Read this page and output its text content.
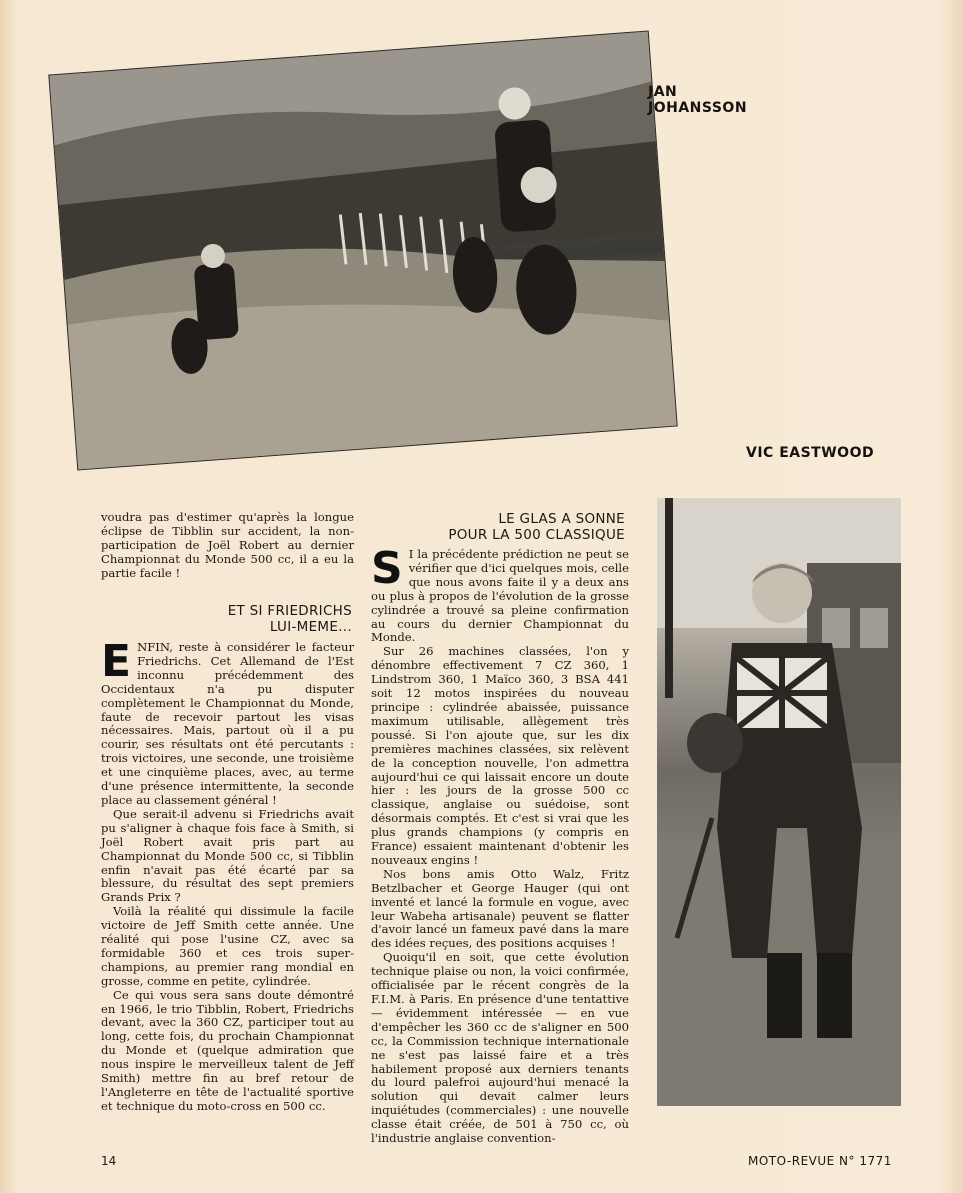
JAN
JOHANSSON
VIC EASTWOOD

voudra pas d'estimer qu'après la longue éclipse de Tibblin sur accident, la non-participation de Joël Robert au dernier Championnat du Monde 500 cc, il a eu la partie facile !

ET SI FRIEDRICHS
LUI-MEME...

ENFIN, reste à considérer le facteur Friedrichs. Cet Allemand de l'Est inconnu précédemment des Occidentaux n'a pu disputer complètement le Championnat du Monde, faute de recevoir partout les visas nécessaires. Mais, partout où il a pu courir, ses résultats ont été percutants : trois victoires, une seconde, une troisième et une cinquième places, avec, au terme d'une présence intermittente, la seconde place au classement général !

Que serait-il advenu si Friedrichs avait pu s'aligner à chaque fois face à Smith, si Joël Robert avait pris part au Championnat du Monde 500 cc, si Tibblin enfin n'avait pas été écarté par sa blessure, du résultat des sept premiers Grands Prix ?

Voilà la réalité qui dissimule la facile victoire de Jeff Smith cette année. Une réalité qui pose l'usine CZ, avec sa formidable 360 et ces trois super-champions, au premier rang mondial en grosse, comme en petite, cylindrée.

Ce qui vous sera sans doute démontré en 1966, le trio Tibblin, Robert, Friedrichs devant, avec la 360 CZ, participer tout au long, cette fois, du prochain Championnat du Monde et (quelque admiration que nous inspire le merveilleux talent de Jeff Smith) mettre fin au bref retour de l'Angleterre en tête de l'actualité sportive et technique du moto-cross en 500 cc.

LE GLAS A SONNE
POUR LA 500 CLASSIQUE

S I la précédente prédiction ne peut se vérifier que d'ici quelques mois, celle que nous avons faite il y a deux ans ou plus à propos de l'évolution de la grosse cylindrée a trouvé sa pleine confirmation au cours du dernier Championnat du Monde.

Sur 26 machines classées, l'on y dénombre effectivement 7 CZ 360, 1 Lindstrom 360, 1 Maïco 360, 3 BSA 441 soit 12 motos inspirées du nouveau principe : cylindrée abaissée, puissance maximum utilisable, allègement très poussé. Si l'on ajoute que, sur les dix premières machines classées, six relèvent de la conception nouvelle, l'on admettra aujourd'hui ce qui laissait encore un doute hier : les jours de la grosse 500 cc classique, anglaise ou suédoise, sont désormais comptés. Et c'est si vrai que les plus grands champions (y compris en France) essaient maintenant d'obtenir les nouveaux engins !

Nos bons amis Otto Walz, Fritz Betzlbacher et George Hauger (qui ont inventé et lancé la formule en vogue, avec leur Wabeha artisanale) peuvent se flatter d'avoir lancé un fameux pavé dans la mare des idées reçues, des positions acquises !

Quoiqu'il en soit, que cette évolution technique plaise ou non, la voici confirmée, officialisée par le récent congrès de la F.I.M. à Paris. En présence d'une tentattive — évidemment intéressée — en vue d'empêcher les 360 cc de s'aligner en 500 cc, la Commission technique internationale ne s'est pas laissé faire et a très habilement proposé aux derniers tenants du lourd palefroi aujourd'hui menacé la solution qui devait calmer leurs inquiétudes (commerciales) : une nouvelle classe était créée, de 501 à 750 cc, où l'industrie anglaise convention-

14	MOTO-REVUE N° 1771
